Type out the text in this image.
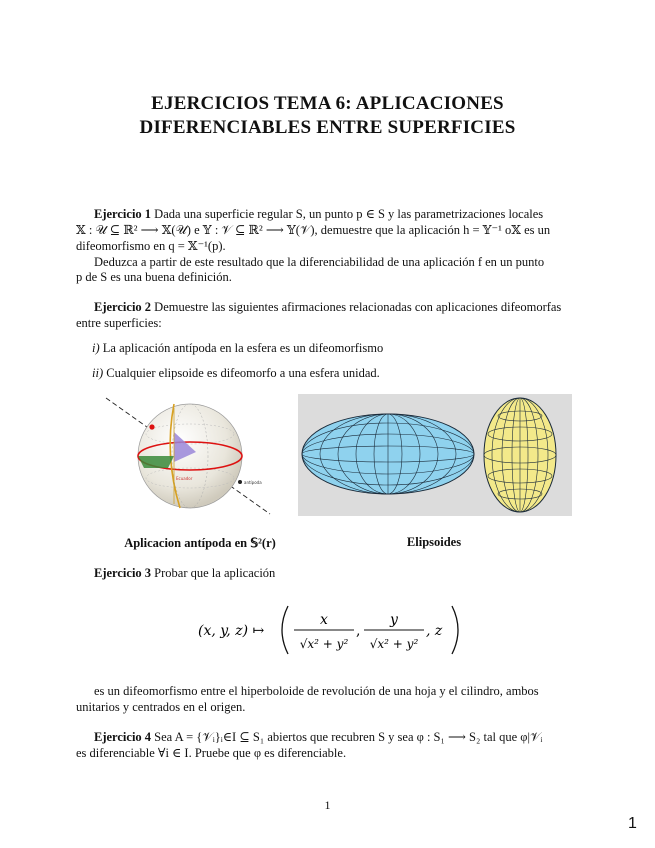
EJERCICIOS TEMA 6: APLICACIONES
DIFERENCIABLES ENTRE SUPERFICIES
Ejercicio 1 Dada una superficie regular S, un punto p ∈ S y las parametrizaciones locales
𝕏 : 𝒰 ⊆ ℝ² ⟶ 𝕏(𝒰) e 𝕐 : 𝒱 ⊆ ℝ² ⟶ 𝕐(𝒱), demuestre que la aplicación h = 𝕐⁻¹ o𝕏 es un
difeomorfismo en q = 𝕏⁻¹(p).
Deduzca a partir de este resultado que la diferenciabilidad de una aplicación f en un punto
p de S es una buena definición.
Ejercicio 2 Demuestre las siguientes afirmaciones relacionadas con aplicaciones difeomorfas
entre superficies:
i) La aplicación antípoda en la esfera es un difeomorfismo
ii) Cualquier elipsoide es difeomorfo a una esfera unidad.
Ecuador
antípoda
Aplicacion antípoda en 𝕊²(r)	Elipsoides
Ejercicio 3 Probar que la aplicación
(x, y, z) ↦
x
√x² + y²
,
y
√x² + y²
, z
es un difeomorfismo entre el hiperboloide de revolución de una hoja y el cilindro, ambos
unitarios y centrados en el origen.
Ejercicio 4 Sea A = {𝒱ᵢ}ᵢ∈I ⊆ S₁ abiertos que recubren S y sea φ : S₁ ⟶ S₂ tal que φ|𝒱ᵢ
es diferenciable ∀i ∈ I. Pruebe que φ es diferenciable.
1
1
